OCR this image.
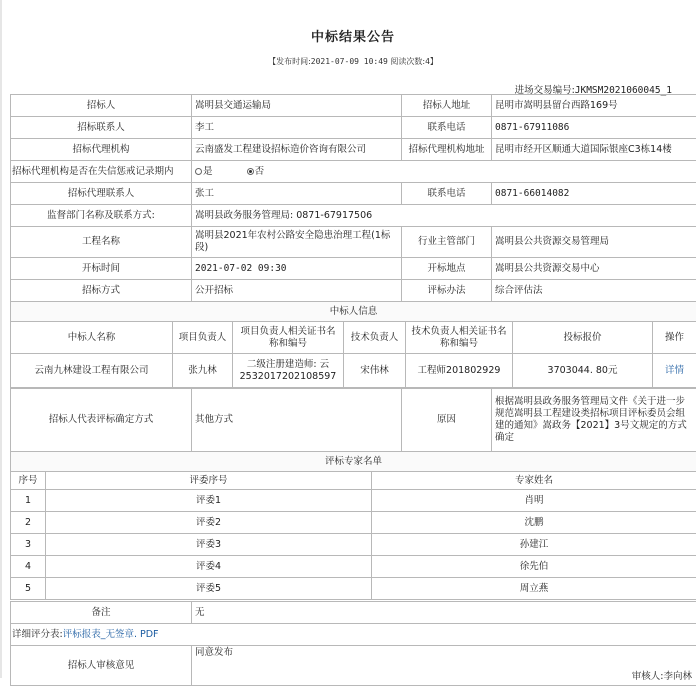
中标结果公告
【发布时间:2021-07-09 10:49 阅读次数:4】
进场交易编号:JKMSM2021060045_1
招标人	嵩明县交通运输局	招标人地址	昆明市嵩明县留台西路169号
招标联系人	李工	联系电话	0871-67911086
招标代理机构	云南盛发工程建设招标造价咨询有限公司	招标代理机构地址	昆明市经开区顺通大道国际银座C3栋14楼
招标代理机构是否在失信惩戒记录期内	是 否		
招标代理联系人	张工	联系电话	0871-66014082
监督部门名称及联系方式:	嵩明县政务服务管理局: 0871-67917506		
工程名称	嵩明县2021年农村公路安全隐患治理工程(1标段)	行业主管部门	嵩明县公共资源交易管理局
开标时间	2021-07-02 09:30	开标地点	嵩明县公共资源交易中心
招标方式	公开招标	评标办法	综合评估法
中标人信息						
中标人名称	项目负责人	项目负责人相关证书名称和编号	技术负责人	技术负责人相关证书名称和编号	投标报价	操作
云南九林建设工程有限公司	张九林	二级注册建造师: 云2532017202108597	宋伟林	工程师201802929	3703044. 80元	详情
招标人代表评标确定方式	其他方式	原因	根据嵩明县政务服务管理局文件《关于进一步规范嵩明县工程建设类招标项目评标委员会组建的通知》嵩政务【2021】3号文规定的方式确定
评标专家名单		
序号	评委序号	专家姓名
1	评委1	肖明
2	评委2	沈鹏
3	评委3	孙建江
4	评委4	徐先伯
5	评委5	周立燕
备注	无
详细评分表:评标报表_无签章. PDF	
招标人审核意见	同意发布
审核人:李向林
